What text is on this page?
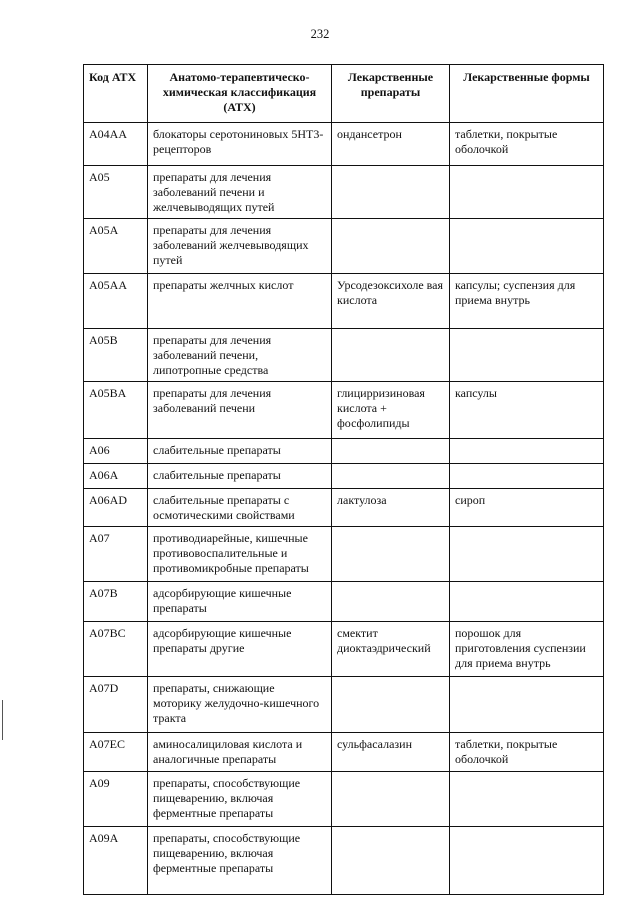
232
Код АТХ	Анатомо-терапевтическо-химическая классификация (АТХ)	Лекарственные препараты	Лекарственные формы
A04AA	блокаторы серотониновых 5HT3-рецепторов	ондансетрон	таблетки, покрытые оболочкой
A05	препараты для лечения заболеваний печени и желчевыводящих путей		
A05A	препараты для лечения заболеваний желчевыводящих путей		
A05AA	препараты желчных кислот	Урсодезоксихоле вая кислота	капсулы; суспензия для приема внутрь
A05B	препараты для лечения заболеваний печени, липотропные средства		
A05BA	препараты для лечения заболеваний печени	глицирризиновая кислота + фосфолипиды	капсулы
A06	слабительные препараты		
A06A	слабительные препараты		
A06AD	слабительные препараты с осмотическими свойствами	лактулоза	сироп
A07	противодиарейные, кишечные противовоспалительные и противомикробные препараты		
A07B	адсорбирующие кишечные препараты		
A07BC	адсорбирующие кишечные препараты другие	смектит диоктаэдрический	порошок для приготовления суспензии для приема внутрь
A07D	препараты, снижающие моторику желудочно-кишечного тракта		
A07EC	аминосалициловая кислота и аналогичные препараты	сульфасалазин	таблетки, покрытые оболочкой
A09	препараты, способствующие пищеварению, включая ферментные препараты		
A09A	препараты, способствующие пищеварению, включая ферментные препараты		
